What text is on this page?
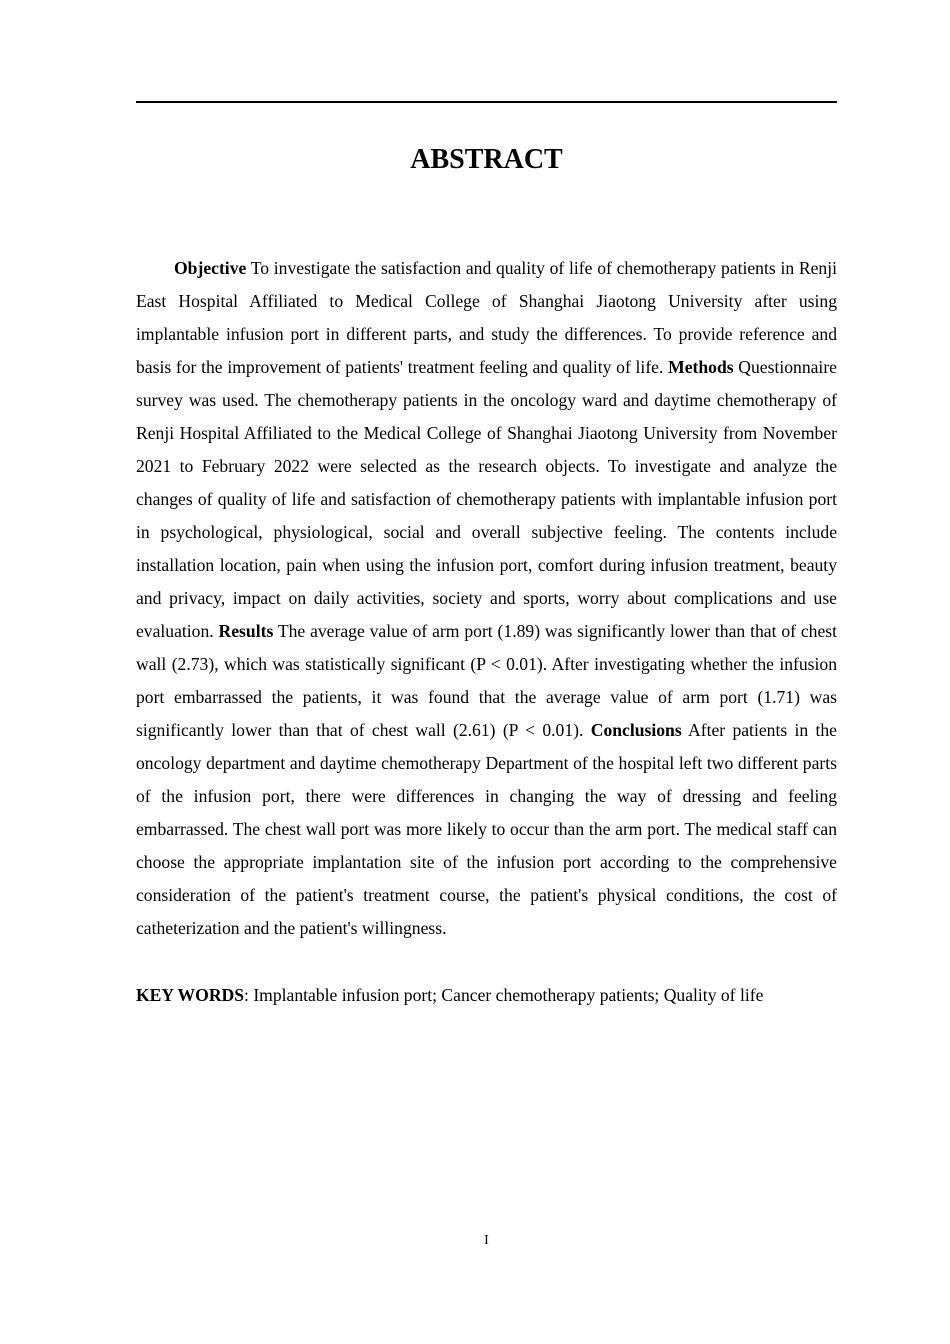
ABSTRACT

Objective To investigate the satisfaction and quality of life of chemotherapy patients in Renji East Hospital Affiliated to Medical College of Shanghai Jiaotong University after using implantable infusion port in different parts, and study the differences. To provide reference and basis for the improvement of patients' treatment feeling and quality of life. Methods Questionnaire survey was used. The chemotherapy patients in the oncology ward and daytime chemotherapy of Renji Hospital Affiliated to the Medical College of Shanghai Jiaotong University from November 2021 to February 2022 were selected as the research objects. To investigate and analyze the changes of quality of life and satisfaction of chemotherapy patients with implantable infusion port in psychological, physiological, social and overall subjective feeling. The contents include installation location, pain when using the infusion port, comfort during infusion treatment, beauty and privacy, impact on daily activities, society and sports, worry about complications and use evaluation. Results The average value of arm port (1.89) was significantly lower than that of chest wall (2.73), which was statistically significant (P < 0.01). After investigating whether the infusion port embarrassed the patients, it was found that the average value of arm port (1.71) was significantly lower than that of chest wall (2.61) (P < 0.01). Conclusions After patients in the oncology department and daytime chemotherapy Department of the hospital left two different parts of the infusion port, there were differences in changing the way of dressing and feeling embarrassed. The chest wall port was more likely to occur than the arm port. The medical staff can choose the appropriate implantation site of the infusion port according to the comprehensive consideration of the patient's treatment course, the patient's physical conditions, the cost of catheterization and the patient's willingness.

KEY WORDS: Implantable infusion port; Cancer chemotherapy patients; Quality of life

I
